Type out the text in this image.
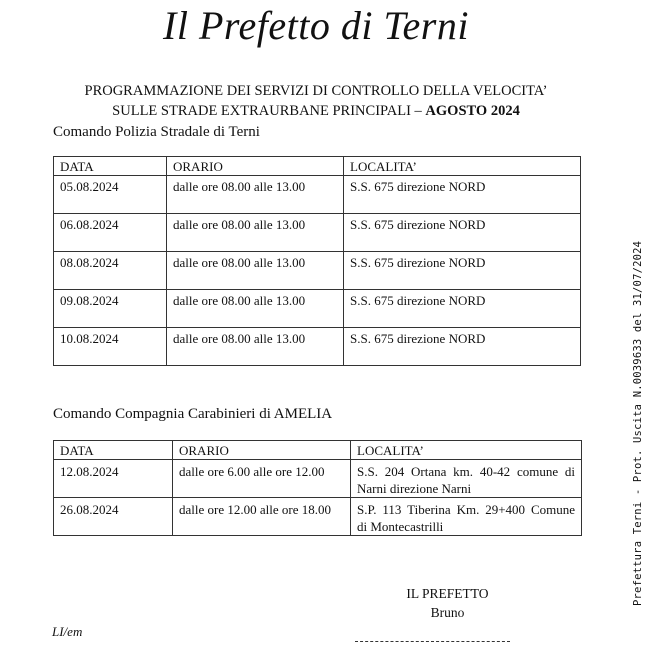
Il Prefetto di Terni
PROGRAMMAZIONE DEI SERVIZI DI CONTROLLO DELLA VELOCITA’
SULLE STRADE EXTRAURBANE PRINCIPALI – AGOSTO 2024
Comando Polizia Stradale di Terni
DATA	ORARIO	LOCALITA’
05.08.2024	dalle ore 08.00 alle 13.00	S.S. 675 direzione NORD
06.08.2024	dalle ore 08.00 alle 13.00	S.S. 675 direzione NORD
08.08.2024	dalle ore 08.00 alle 13.00	S.S. 675 direzione NORD
09.08.2024	dalle ore 08.00 alle 13.00	S.S. 675 direzione NORD
10.08.2024	dalle ore 08.00 alle 13.00	S.S. 675 direzione NORD
Comando Compagnia Carabinieri di AMELIA
DATA	ORARIO	LOCALITA’
12.08.2024	dalle ore 6.00 alle ore 12.00	S.S. 204 Ortana km. 40-42 comune di Narni direzione Narni
26.08.2024	dalle ore 12.00 alle ore 18.00	S.P. 113 Tiberina Km. 29+400 Comune di Montecastrilli
IL PREFETTO
Bruno
LI/em
Prefettura Terni - Prot. Uscita N.0039633 del 31/07/2024
